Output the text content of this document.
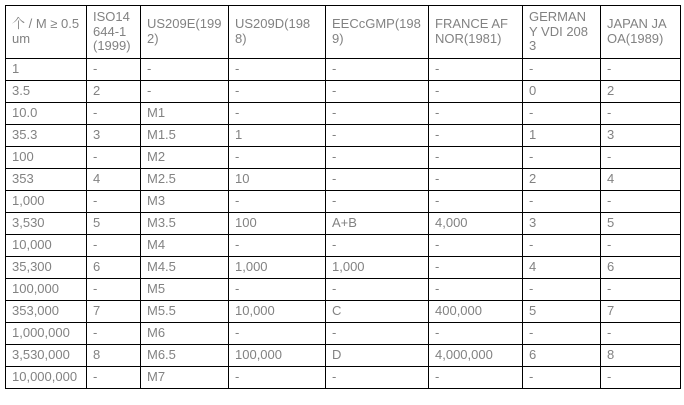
个 / M ≥ 0.5um	ISO14644-1(1999)	US209E(1992)	US209D(1988)	EECcGMP(1989)	FRANCE AFNOR(1981)	GERMANY VDI 2083	JAPAN JAOA(1989)
1	-	-	-	-	-	-	-
3.5	2	-	-	-	-	0	2
10.0	-	M1	-	-	-	-	-
35.3	3	M1.5	1	-	-	1	3
100	-	M2	-	-	-	-	-
353	4	M2.5	10	-	-	2	4
1,000	-	M3	-	-	-	-	-
3,530	5	M3.5	100	A+B	4,000	3	5
10,000	-	M4	-	-	-	-	-
35,300	6	M4.5	1,000	1,000	-	4	6
100,000	-	M5	-	-	-	-	-
353,000	7	M5.5	10,000	C	400,000	5	7
1,000,000	-	M6	-	-	-	-	-
3,530,000	8	M6.5	100,000	D	4,000,000	6	8
10,000,000	-	M7	-	-	-	-	-
